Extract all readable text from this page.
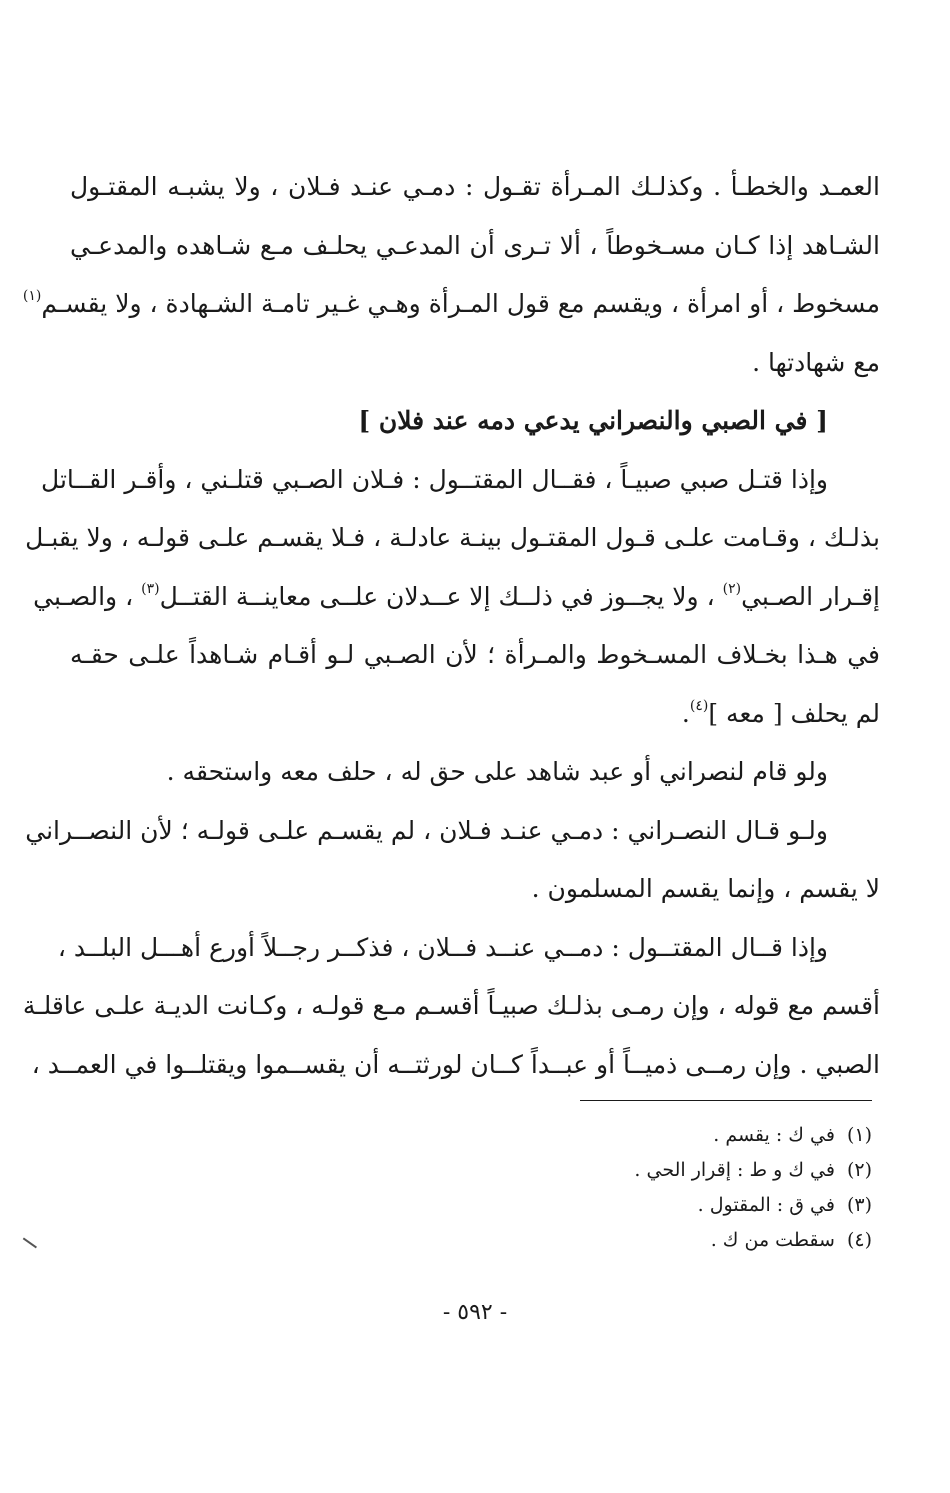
العمـد والخطـأ . وكذلـك المـرأة تقـول : دمـي عنـد فـلان ، ولا يشبـه المقتـول
الشـاهد إذا كـان مسـخوطاً ، ألا تـرى أن المدعـي يحلـف مـع شـاهده والمدعـي
مسخوط ، أو امرأة ، ويقسم مع قول المـرأة وهـي غـير تامـة الشـهادة ، ولا يقسـم$^{(١)}$
مع شهادتها .

[ في الصبي والنصراني يدعي دمه عند فلان ]

وإذا قتـل صبي صبيـاً ، فقــال المقتــول : فـلان الصـبي قتلـني ، وأقـر القــاتل
بذلـك ، وقـامت علـى قـول المقتـول بينـة عادلـة ، فـلا يقسـم علـى قولـه ، ولا يقبـل
إقـرار الصـبي$^{(٢)}$ ، ولا يجــوز في ذلــك إلا عــدلان علــى معاينــة القتــل$^{(٣)}$ ، والصـبي
في هـذا بخـلاف المسـخوط والمـرأة ؛ لأن الصـبي لـو أقـام شـاهداً علـى حقـه
لم يحلف [ معه ]$^{(٤)}$.

ولو قام لنصراني أو عبد شاهد على حق له ، حلف معه واستحقه .

ولـو قـال النصـراني : دمـي عنـد فـلان ، لم يقسـم علـى قولـه ؛ لأن النصــراني
لا يقسم ، وإنما يقسم المسلمون .

وإذا قــال المقتــول : دمــي عنــد فــلان ، فذكــر رجــلاً أورع أهـــل البلــد ،
أقسم مع قوله ، وإن رمـى بذلـك صبيـاً أقسـم مـع قولـه ، وكـانت الديـة علـى عاقلـة
الصبي . وإن رمــى ذميــاً أو عبــداً كــان لورثتــه أن يقســموا ويقتلــوا في العمــد ،

(١)في ك : يقسم .
(٢)في ك و ط : إقرار الحي .
(٣)في ق : المقتول .
(٤)سقطت من ك .
- ٥٩٢ -
